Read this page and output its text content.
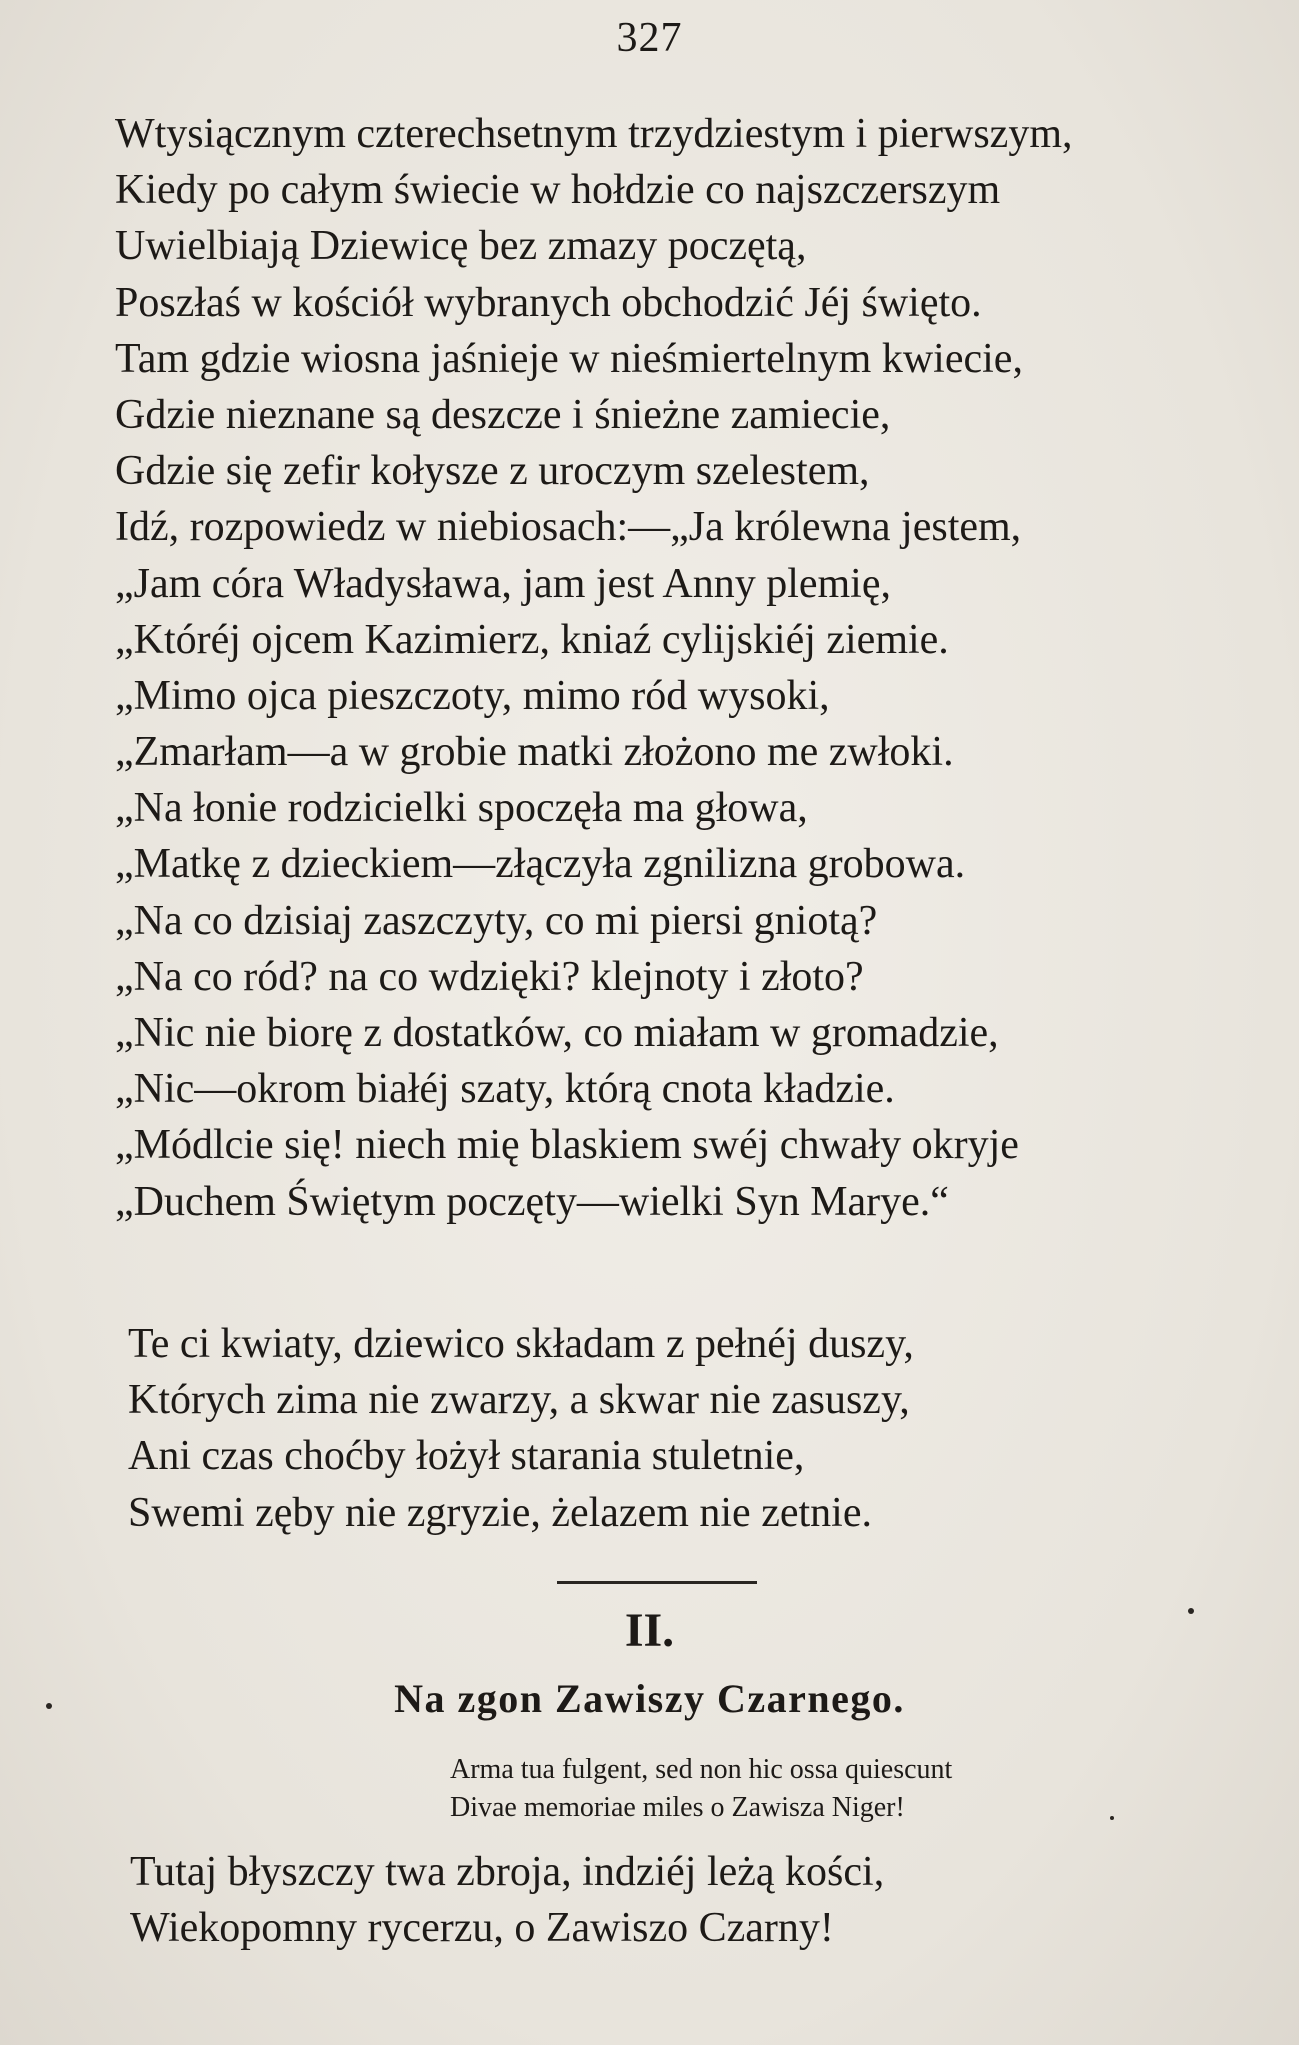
327

Wtysiącznym czterechsetnym trzydziestym i pierwszym,
Kiedy po całym świecie w hołdzie co najszczerszym
Uwielbiają Dziewicę bez zmazy poczętą,
Poszłaś w kościół wybranych obchodzić Jéj święto.
Tam gdzie wiosna jaśnieje w nieśmiertelnym kwiecie,
Gdzie nieznane są deszcze i śnieżne zamiecie,
Gdzie się zefir kołysze z uroczym szelestem,
Idź, rozpowiedz w niebiosach:—„Ja królewna jestem,
„Jam córa Władysława, jam jest Anny plemię,
„Któréj ojcem Kazimierz, kniaź cylijskiéj ziemie.
„Mimo ojca pieszczoty, mimo ród wysoki,
„Zmarłam—a w grobie matki złożono me zwłoki.
„Na łonie rodzicielki spoczęła ma głowa,
„Matkę z dzieckiem—złączyła zgnilizna grobowa.
„Na co dzisiaj zaszczyty, co mi piersi gniotą?
„Na co ród? na co wdzięki? klejnoty i złoto?
„Nic nie biorę z dostatków, co miałam w gromadzie,
„Nic—okrom białéj szaty, którą cnota kładzie.
„Módlcie się! niech mię blaskiem swéj chwały okryje
„Duchem Świętym poczęty—wielki Syn Marye.“
Te ci kwiaty, dziewico składam z pełnéj duszy,
Których zima nie zwarzy, a skwar nie zasuszy,
Ani czas choćby łożył starania stuletnie,
Swemi zęby nie zgryzie, żelazem nie zetnie.

II.

Na zgon Zawiszy Czarnego.

Arma tua fulgent, sed non hic ossa quiescunt
Divae memoriae miles o Zawisza Niger!
Tutaj błyszczy twa zbroja, indziéj leżą kości,
Wiekopomny rycerzu, o Zawiszo Czarny!
